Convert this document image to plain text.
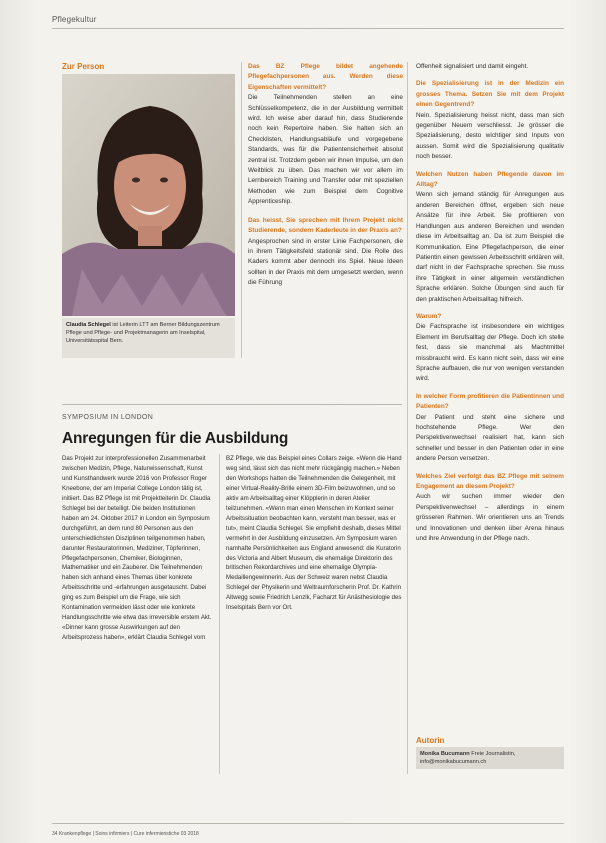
Pflegekultur
Zur Person
Claudia Schlegel ist Leiterin LTT am Berner Bildungszentrum Pflege und Pflege- und Projektmanagerin am Inselspital, Universitätsspital Bern.

Das BZ Pflege bildet angehende Pflegefachpersonen aus. Werden diese Eigenschaften vermittelt?

Die Teilnehmenden stellen an eine Schlüsselkompetenz, die in der Ausbildung vermittelt wird. Ich weise aber darauf hin, dass Studierende noch kein Repertoire haben. Sie halten sich an Checklisten, Handlungsabläufe und vorgegebene Standards, was für die Patientensicherheit absolut zentral ist. Trotzdem geben wir ihnen Impulse, um den Weitblick zu üben. Das machen wir vor allem im Lernbereich Training und Transfer oder mit speziellen Methoden wie zum Beispiel dem Cognitive Apprenticeship.

Das heisst, Sie sprechen mit Ihrem Projekt nicht Studierende, sondern Kaderleute in der Praxis an?

Angesprochen sind in erster Linie Fachpersonen, die in ihrem Tätigkeitsfeld stationär sind. Die Rolle des Kaders kommt aber dennoch ins Spiel. Neue Ideen sollten in der Praxis mit dem umgesetzt werden, wenn die Führung

Offenheit signalisiert und damit eingeht.

Die Spezialisierung ist in der Medizin ein grosses Thema. Setzen Sie mit dem Projekt einen Gegentrend?

Nein. Spezialisierung heisst nicht, dass man sich gegenüber Neuem verschliesst. Je grösser die Spezialisierung, desto wichtiger sind Inputs von aussen. Somit wird die Spezialisierung qualitativ noch besser.

Welchen Nutzen haben Pflegende davon im Alltag?

Wenn sich jemand ständig für Anregungen aus anderen Bereichen öffnet, ergeben sich neue Ansätze für ihre Arbeit. Sie profitieren von Handlungen aus anderen Bereichen und wenden diese im Arbeitsalltag an. Da ist zum Beispiel die Kommunikation. Eine Pflegefachperson, die einer Patientin einen gewissen Arbeitsschritt erklären will, darf nicht in der Fachsprache sprechen. Sie muss ihre Tätigkeit in einer allgemein verständlichen Sprache erklären. Solche Übungen sind auch für den praktischen Arbeitsalltag hilfreich.

Warum?

Die Fachsprache ist insbesondere ein wichtiges Element im Berufsalltag der Pflege. Doch ich stelle fest, dass sie manchmal als Machtmittel missbraucht wird. Es kann nicht sein, dass wir eine Sprache aufbauen, die nur von wenigen verstanden wird.

In welcher Form profitieren die Patientinnen und Patienten?

Der Patient und steht eine sichere und hochstehende Pflege. Wer den Perspektivenwechsel realisiert hat, kann sich schneller und besser in den Patienten oder in eine andere Person versetzen.

Welches Ziel verfolgt das BZ Pflege mit seinem Engagement an diesem Projekt?

Auch wir suchen immer wieder den Perspektivenwechsel – allerdings in einem grösseren Rahmen. Wir orientieren uns an Trends und Innovationen und denken über Arena hinaus und ihre Anwendung in der Pflege nach.

SYMPOSIUM IN LONDON
Anregungen für die Ausbildung

Das Projekt zur interprofessionellen Zusammenarbeit zwischen Medizin, Pflege, Naturwissenschaft, Kunst und Kunsthandwerk wurde 2016 von Professor Roger Kneebone, der am Imperial College London tätig ist, initiiert. Das BZ Pflege ist mit Projektleiterin Dr. Claudia Schlegel bei der beteiligt. Die beiden Institutionen haben am 24. Oktober 2017 in London ein Symposium durchgeführt, an dem rund 80 Personen aus den unterschiedlichsten Disziplinen teilgenommen haben, darunter Restauratorinnen, Mediziner, Töpferinnen, Pflegefachpersonen, Chemiker, Biologinnen, Mathematiker und ein Zauberer. Die Teilnehmenden haben sich anhand eines Themas über konkrete Arbeitsschritte und -erfahrungen ausgetauscht. Dabei ging es zum Beispiel um die Frage, wie sich Kontamination vermeiden lässt oder wie konkrete Handlungsschritte wie etwa das irreversible erstem Akt. «Dinner kann grosse Auswirkungen auf den Arbeitsprozess haben», erklärt Claudia Schlegel vom

BZ Pflege, wie das Beispiel eines Collars zeige. «Wenn die Hand weg sind, lässt sich das nicht mehr rückgängig machen.» Neben den Workshops hatten die Teilnehmenden die Gelegenheit, mit einer Virtual-Reality-Brille einem 3D-Film beizuwohnen, und so aktiv am Arbeitsalltag einer Klöpplerin in deren Atelier teilzunehmen. «Wenn man einen Menschen im Kontext seiner Arbeitssituation beobachten kann, versteht man besser, was er tut», meint Claudia Schlegel. Sie empfiehlt deshalb, dieses Mittel vermehrt in der Ausbildung einzusetzen. Am Symposium waren namhafte Persönlichkeiten aus England anwesend: die Kuratorin des Victoria and Albert Museum, die ehemalige Direktorin des britischen Rekordarchives und eine ehemalige Olympia-Medaillengewinnerin. Aus der Schweiz waren nebst Claudia Schlegel der Physikerin und Weltraumforscherin Prof. Dr. Kathrin Altwegg sowie Friedrich Lenzlk, Facharzt für Anästhesiologie des Inselspitals Bern vor Ort.

Autorin
Monika Bucumann Freie Journalistin, info@monikabucumann.ch
34 Krankenpflege | Soins infirmiers | Cure infermieristiche 03 2018
